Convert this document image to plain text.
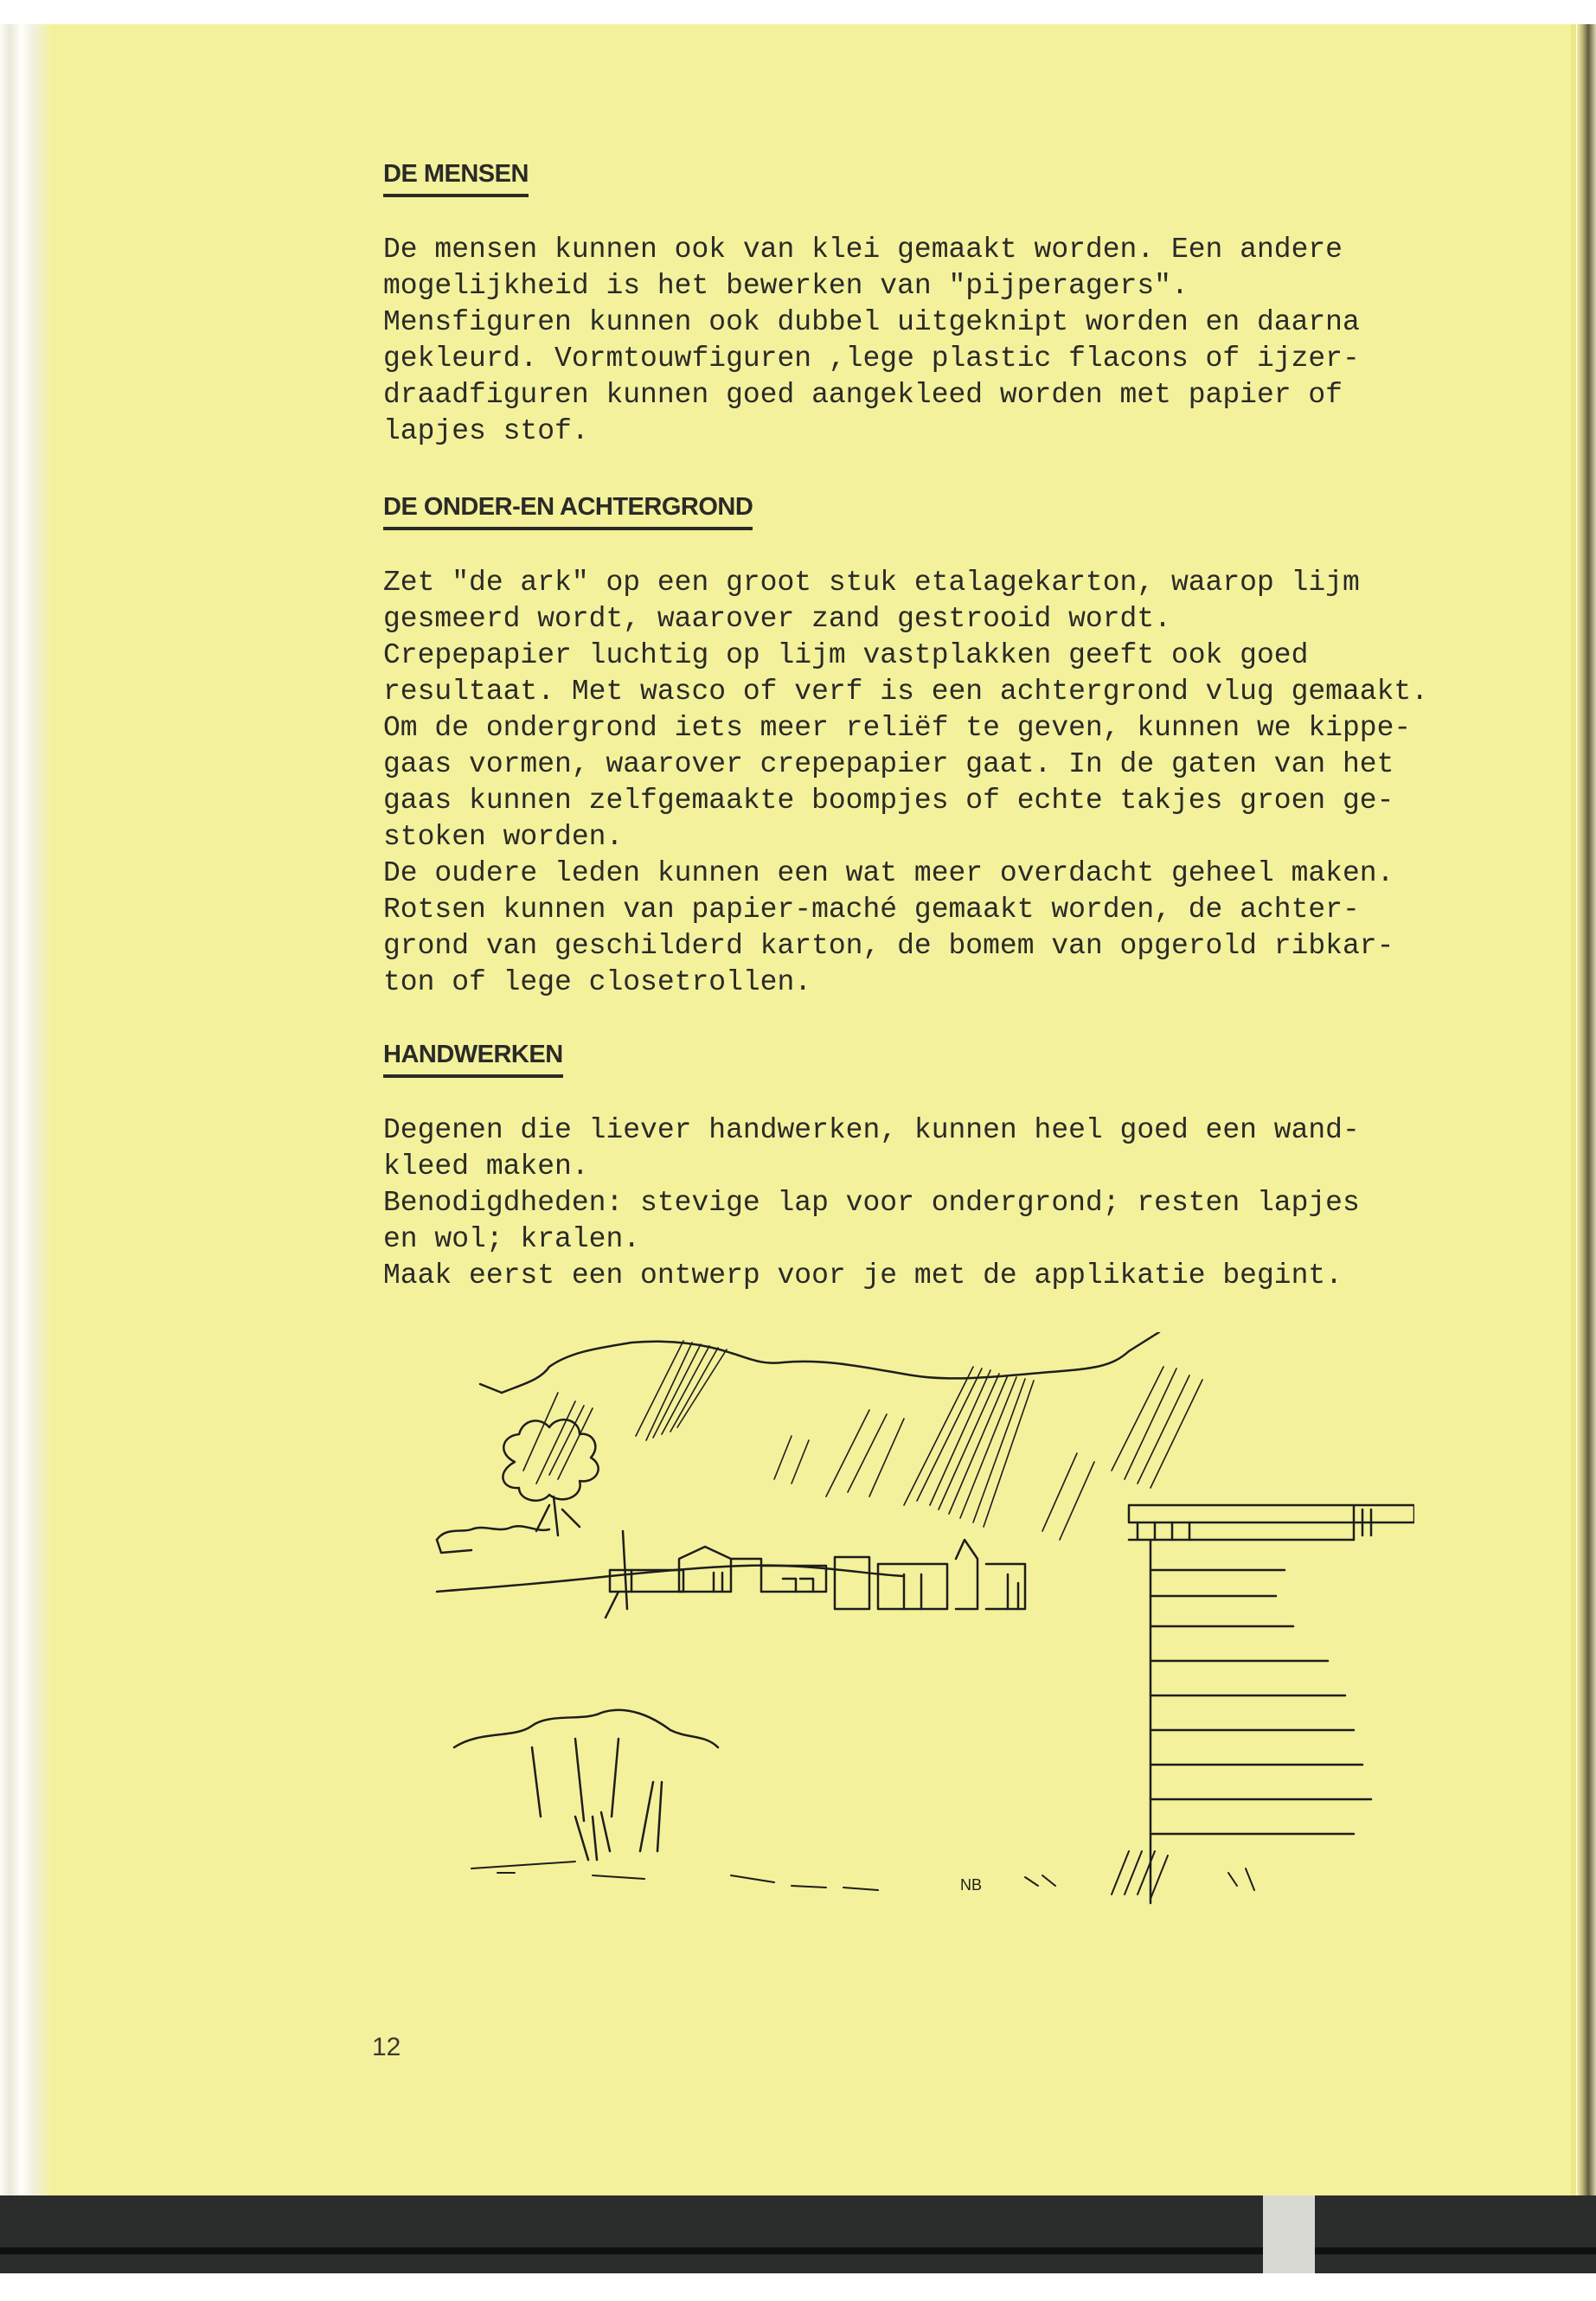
DE MENSEN

De mensen kunnen ook van klei gemaakt worden. Een andere
mogelijkheid is het bewerken van "pijperagers".
Mensfiguren kunnen ook dubbel uitgeknipt worden en daarna
gekleurd. Vormtouwfiguren ,lege plastic flacons of ijzer-
draadfiguren kunnen goed aangekleed worden met papier of
lapjes stof.

DE ONDER-EN ACHTERGROND

Zet "de ark" op een groot stuk etalagekarton, waarop lijm
gesmeerd wordt, waarover zand gestrooid wordt.
Crepepapier luchtig op lijm vastplakken geeft ook goed
resultaat. Met wasco of verf is een achtergrond vlug gemaakt.
Om de ondergrond iets meer reliëf te geven, kunnen we kippe-
gaas vormen, waarover crepepapier gaat. In de gaten van het
gaas kunnen zelfgemaakte boompjes of echte takjes groen ge-
stoken worden.
De oudere leden kunnen een wat meer overdacht geheel maken.
Rotsen kunnen van papier-maché gemaakt worden, de achter-
grond van geschilderd karton, de bomem van opgerold ribkar-
ton of lege closetrollen.

HANDWERKEN

Degenen die liever handwerken, kunnen heel goed een wand-
kleed maken.
Benodigdheden: stevige lap voor ondergrond; resten lapjes
en wol; kralen.
Maak eerst een ontwerp voor je met de applikatie begint.

NB
12
